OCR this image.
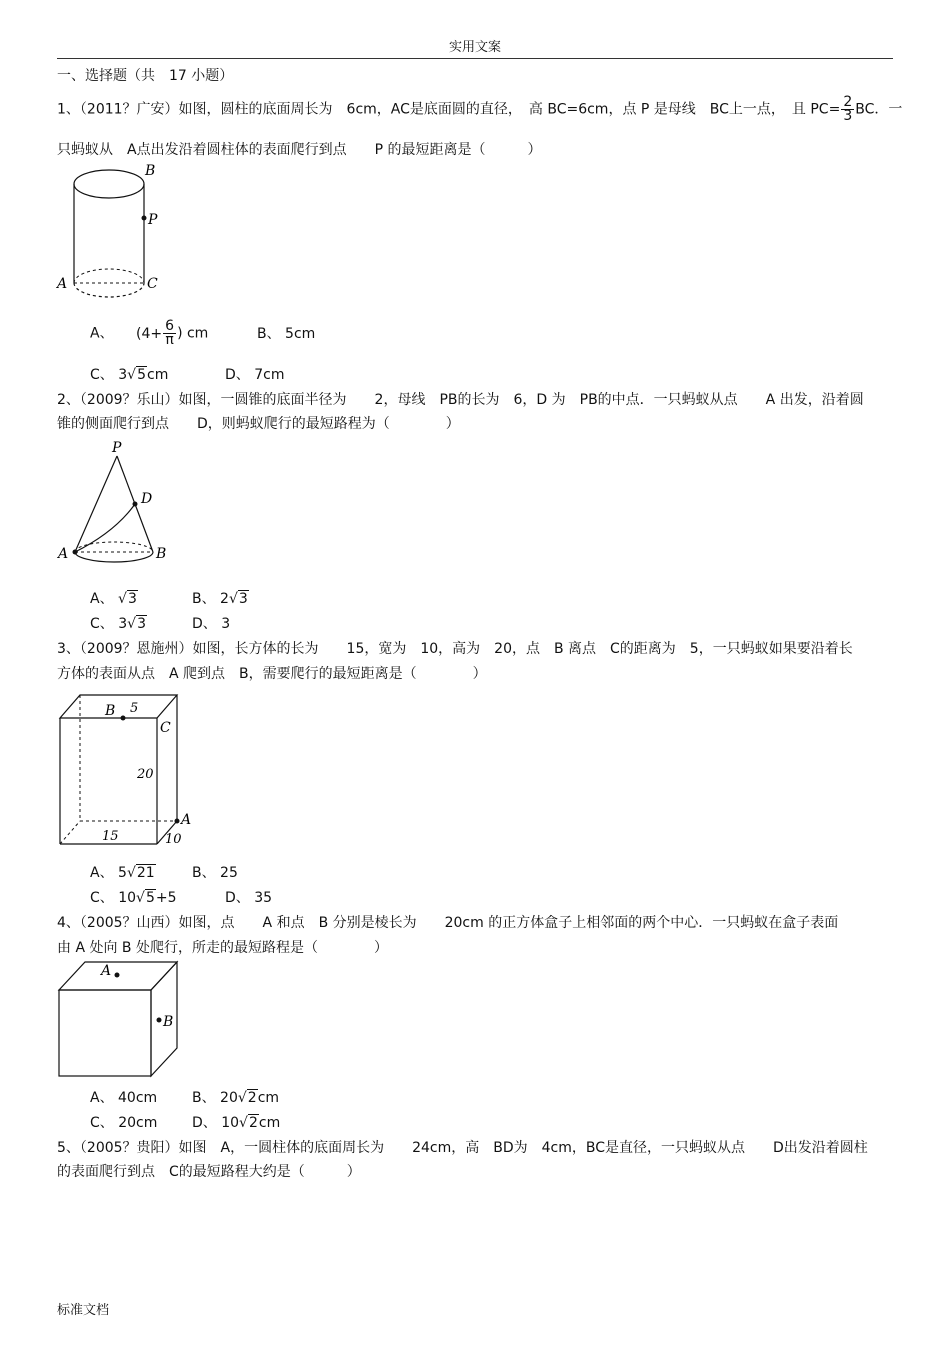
实用文案
一、选择题（共　17 小题）
1、（2011？广安）如图，圆柱的底面周长为　6cm，AC是底面圆的直径，　高 BC=6cm，点 P 是母线　BC上一点，　且 $PC= \frac{2}{3}$ BC．一
只蚂蚁从　A点出发沿着圆柱体的表面爬行到点　　P 的最短距离是（　　　）
B
P
A	C
A、 ($4+ \frac{6}{\pi}$ ) cm	B、 5cm
C、 3√5cm	D、 7cm
2、（2009？乐山）如图，一圆锥的底面半径为　　2，母线　PB的长为　6，D 为　PB的中点．一只蚂蚁从点　　A 出发，沿着圆
锥的侧面爬行到点　　D，则蚂蚁爬行的最短路程为（　　　　）
P
D
A	B
A、 √3	B、 2√3
C、 3√3	D、 3
3、（2009？恩施州）如图，长方体的长为　　15，宽为　10，高为　20，点　B 离点　C的距离为　5，一只蚂蚁如果要沿着长
方体的表面从点　A 爬到点　B，需要爬行的最短距离是（　　　　）
B 5
C
20
A
15	10
A、 5√21	B、 25
C、 10√5+5	D、 35
4、（2005？山西）如图，点　　A 和点　B 分别是棱长为　　20cm 的正方体盒子上相邻面的两个中心．一只蚂蚁在盒子表面
由 A 处向 B 处爬行，所走的最短路程是（　　　　）
A
B
A、 40cm B、 20√2cm
C、 20cm D、 10√2cm
5、（2005？贵阳）如图　A，一圆柱体的底面周长为　　24cm，高　BD为　4cm，BC是直径，一只蚂蚁从点　　D出发沿着圆柱
的表面爬行到点　C的最短路程大约是（　　　）
标准文档
